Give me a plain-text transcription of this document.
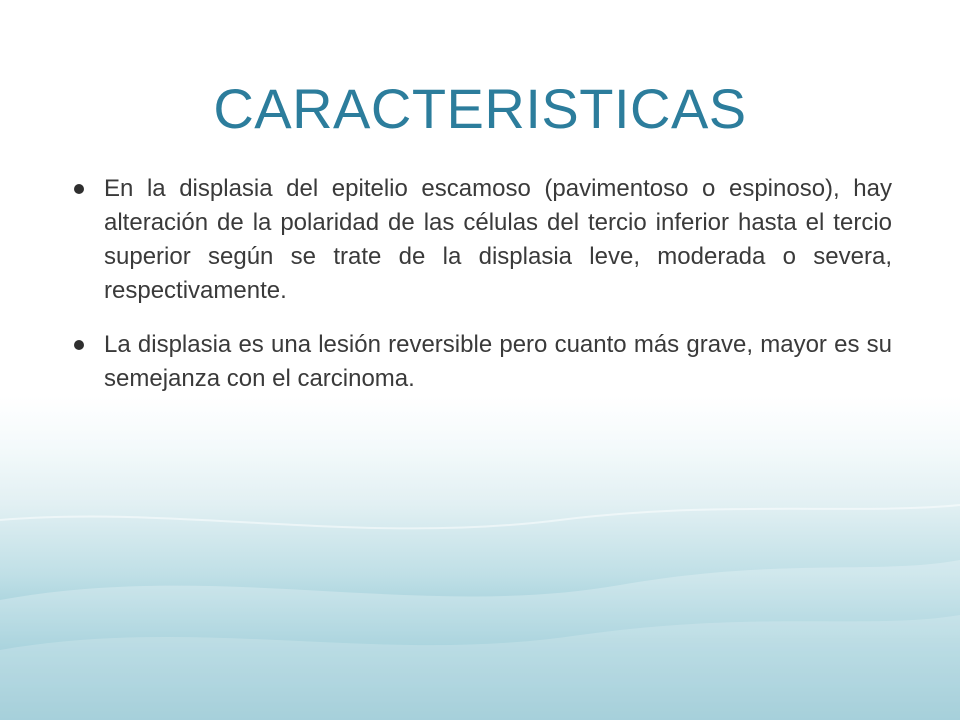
CARACTERISTICAS

En la displasia del epitelio escamoso (pavimentoso o espinoso), hay alteración de la polaridad de las células del tercio inferior hasta el tercio superior según se trate de la displasia leve, moderada o severa, respectivamente.

La displasia es una lesión reversible pero cuanto más grave, mayor es su semejanza con el carcinoma.
